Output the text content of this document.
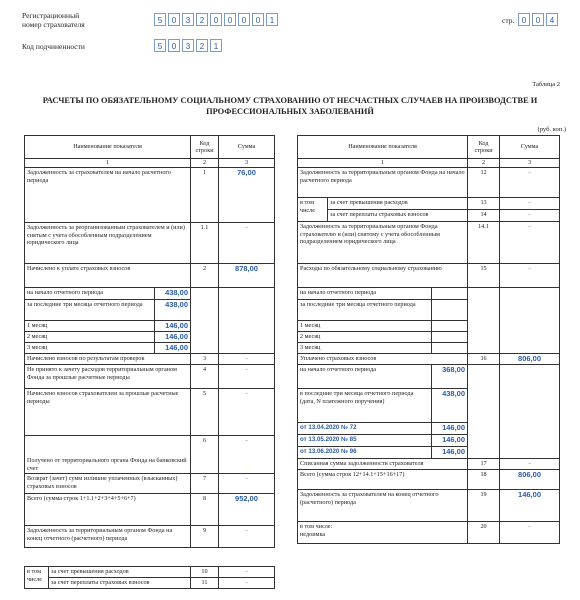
Регистрационный
номер страхователя	5	0	3	2	0	0	0	0	1	стр. 0	0	4
Код подчиненности	5	0	3	2	1
Таблица 2
РАСЧЕТЫ ПО ОБЯЗАТЕЛЬНОМУ СОЦИАЛЬНОМУ СТРАХОВАНИЮ ОТ НЕСЧАСТНЫХ СЛУЧАЕВ НА ПРОИЗВОДСТВЕ И
ПРОФЕССИОНАЛЬНЫХ ЗАБОЛЕВАНИЙ
(руб. коп.)
Наименование показателя		Код строки	Сумма
1		2	3
Задолженность за страхователем на начало расчетного периода		1	76,00
Задолженность за реорганизованным страхователем и (или) снятым с учета обособленным подразделением юридического лица		1.1	-
Начислено к уплате страховых взносов		2	878,00
на начало отчетного периода	438,00		
за последние три месяца отчетного периода	438,00		
1 месяц	146,00		
2 месяц	146,00		
3 месяц	146,00		
Начислено взносов по результатам проверок		3	-
Не принято к зачету расходов территориальным органом Фонда за прошлые расчетные периоды		4	-
Начислено взносов страхователем за прошлые расчетные периоды		5	-
Получено от территориального органа Фонда на банковский счет		6	-
Возврат (зачет) сумм излишне уплаченных (взысканных) страховых взносов		7	-
Всего (сумма строк 1+1.1+2+3+4+5+6+7)		8	952,00
Задолженность за территориальным органом Фонда на конец отчетного (расчетного) периода		9	-
в том числе	за счет превышения расходов	10	-
	за счет переплаты страховых взносов	11	-
Наименование показателя			Код строки	Сумма
1			2	3
Задолженность за территориальным органом Фонда на начало расчетного периода			12	-
в том числе	за счет превышения расходов		13	-
	за счет переплаты страховых взносов		14	-
Задолженность за территориальным органом Фонда страхователю и (или) снятому с учета обособленным подразделением юридического лица			14.1	-
Расходы по обязательному социальному страхованию			15	-
на начало отчетного периода				
за последние три месяца отчетного периода				
1 месяц				
2 месяц				
3 месяц				
Уплачено страховых взносов			16	806,00
на начало отчетного периода		368,00		

в последние три месяца отчетного периода
(дата, N платежного поручения)		438,00		
от 13.04.2020 № 72		146,00		
от 13.05.2020 № 85		146,00		
от 13.06.2020 № 96		146,00		
Списанная сумма задолженности страхователя			17	-
Всего (сумма строк 12+14.1+15+16+17)			18	806,00
Задолженность за страхователем на конец отчетного (расчетного) периода			19	146,00

в том числе:
недоимка			20	-
